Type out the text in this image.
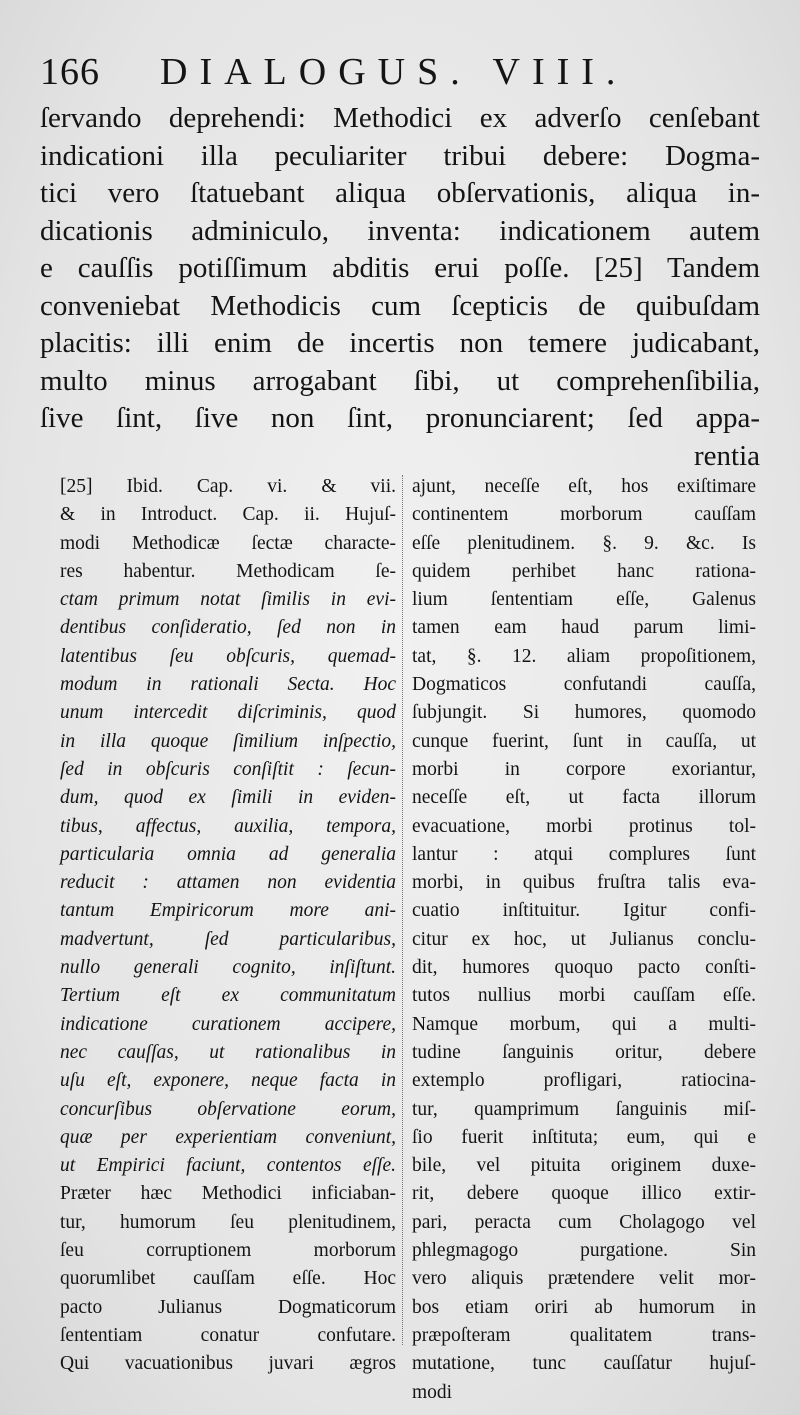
166 DIALOGUS. VIII.
ſervando deprehendi: Methodici ex adverſo cenſebant
indicationi illa peculiariter tribui debere: Dogma-
tici vero ſtatuebant aliqua obſervationis, aliqua in-
dicationis adminiculo, inventa: indicationem autem
e cauſſis potiſſimum abditis erui poſſe. [25] Tandem
conveniebat Methodicis cum ſcepticis de quibuſdam
placitis: illi enim de incertis non temere judicabant,
multo minus arrogabant ſibi, ut comprehenſibilia,
ſive ſint, ſive non ſint, pronunciarent; ſed appa-
rentia
[25] Ibid. Cap. vi. & vii.
& in Introduct. Cap. ii. Hujuſ-
modi Methodicæ ſectæ characte-
res habentur. Methodicam ſe-
ctam primum notat ſimilis in evi-
dentibus conſideratio, ſed non in
latentibus ſeu obſcuris, quemad-
modum in rationali Secta. Hoc
unum intercedit diſcriminis, quod
in illa quoque ſimilium inſpectio,
ſed in obſcuris conſiſtit : ſecun-
dum, quod ex ſimili in eviden-
tibus, affectus, auxilia, tempora,
particularia omnia ad generalia
reducit : attamen non evidentia
tantum Empiricorum more ani-
madvertunt, ſed particularibus,
nullo generali cognito, inſiſtunt.
Tertium eſt ex communitatum
indicatione curationem accipere,
nec cauſſas, ut rationalibus in
uſu eſt, exponere, neque facta in
concurſibus obſervatione eorum,
quæ per experientiam conveniunt,
ut Empirici faciunt, contentos eſſe.
Præter hæc Methodici inficiaban-
tur, humorum ſeu plenitudinem,
ſeu corruptionem morborum
quorumlibet cauſſam eſſe. Hoc
pacto Julianus Dogmaticorum
ſententiam conatur confutare.
Qui vacuationibus juvari ægros
ajunt, neceſſe eſt, hos exiſtimare
continentem morborum cauſſam
eſſe plenitudinem. §. 9. &c. Is
quidem perhibet hanc rationa-
lium ſententiam eſſe, Galenus
tamen eam haud parum limi-
tat, §. 12. aliam propoſitionem,
Dogmaticos confutandi cauſſa,
ſubjungit. Si humores, quomodo
cunque fuerint, ſunt in cauſſa, ut
morbi in corpore exoriantur,
neceſſe eſt, ut facta illorum
evacuatione, morbi protinus tol-
lantur : atqui complures ſunt
morbi, in quibus fruſtra talis eva-
cuatio inſtituitur. Igitur confi-
citur ex hoc, ut Julianus conclu-
dit, humores quoquo pacto conſti-
tutos nullius morbi cauſſam eſſe.
Namque morbum, qui a multi-
tudine ſanguinis oritur, debere
extemplo profligari, ratiocina-
tur, quamprimum ſanguinis miſ-
ſio fuerit inſtituta; eum, qui e
bile, vel pituita originem duxe-
rit, debere quoque illico extir-
pari, peracta cum Cholagogo vel
phlegmagogo purgatione. Sin
vero aliquis prætendere velit mor-
bos etiam oriri ab humorum in
præpoſteram qualitatem trans-
mutatione, tunc cauſſatur hujuſ-
modi
